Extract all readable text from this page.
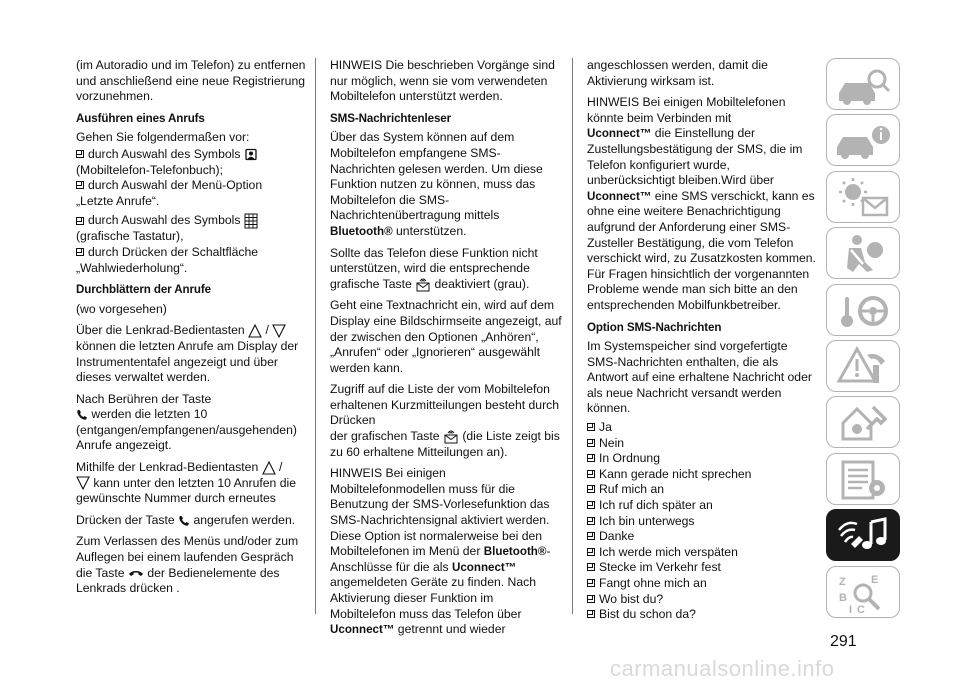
(im Autoradio und im Telefon) zu entfernen und anschließend eine neue Registrierung vorzunehmen.

Ausführen eines Anrufs

Gehen Sie folgendermaßen vor:

durch Auswahl des Symbols
(Mobiltelefon-Telefonbuch);
durch Auswahl der Menü-Option
„Letzte Anrufe“.
durch Auswahl des Symbols
(grafische Tastatur),
durch Drücken der Schaltfläche
„Wahlwiederholung“.

Durchblättern der Anrufe

(wo vorgesehen)

Über die Lenkrad-Bedientasten /  können die letzten Anrufe am Display der Instrumententafel angezeigt und über dieses verwaltet werden.

Nach Berühren der Taste
werden die letzten 10
(entgangen/empfangenen/ausgehenden) Anrufe angezeigt.

Mithilfe der Lenkrad-Bedientasten /
kann unter den letzten 10 Anrufen die gewünschte Nummer durch erneutes

Drücken der Taste angerufen werden.

Zum Verlassen des Menüs und/oder zum Auflegen bei einem laufenden Gespräch
die Taste der Bedienelemente des Lenkrads drücken .

HINWEIS Die beschrieben Vorgänge sind nur möglich, wenn sie vom verwendeten Mobiltelefon unterstützt werden.

SMS-Nachrichtenleser

Über das System können auf dem Mobiltelefon empfangene SMS-Nachrichten gelesen werden. Um diese Funktion nutzen zu können, muss das Mobiltelefon die SMS-Nachrichtenübertragung mittels
Bluetooth® unterstützen.

Sollte das Telefon diese Funktion nicht unterstützen, wird die entsprechende
grafische Taste deaktiviert (grau).

Geht eine Textnachricht ein, wird auf dem Display eine Bildschirmseite angezeigt, auf der zwischen den Optionen „Anhören“, „Anrufen“ oder „Ignorieren“ ausgewählt werden kann.

Zugriff auf die Liste der vom Mobiltelefon erhaltenen Kurzmitteilungen besteht durch Drücken
der grafischen Taste (die Liste zeigt bis zu 60 erhaltene Mitteilungen an).

HINWEIS Bei einigen Mobiltelefonmodellen muss für die Benutzung der SMS-Vorlesefunktion das SMS-Nachrichtensignal aktiviert werden. Diese Option ist normalerweise bei den Mobiltelefonen im Menü der Bluetooth®-Anschlüsse für die als Uconnect™ angemeldeten Geräte zu finden. Nach Aktivierung dieser Funktion im Mobiltelefon muss das Telefon über Uconnect™ getrennt und wieder

angeschlossen werden, damit die Aktivierung wirksam ist.

HINWEIS Bei einigen Mobiltelefonen könnte beim Verbinden mit
Uconnect™ die Einstellung der Zustellungsbestätigung der SMS, die im Telefon konfiguriert wurde, unberücksichtigt bleiben.Wird über Uconnect™ eine SMS verschickt, kann es ohne eine weitere Benachrichtigung aufgrund der Anforderung einer SMS-Zusteller Bestätigung, die vom Telefon verschickt wird, zu Zusatzkosten kommen. Für Fragen hinsichtlich der vorgenannten Probleme wende man sich bitte an den entsprechenden Mobilfunkbetreiber.

Option SMS-Nachrichten

Im Systemspeicher sind vorgefertigte SMS-Nachrichten enthalten, die als Antwort auf eine erhaltene Nachricht oder als neue Nachricht versandt werden können.

Ja
Nein
In Ordnung
Kann gerade nicht sprechen
Ruf mich an
Ich ruf dich später an
Ich bin unterwegs
Danke
Ich werde mich verspäten
Stecke im Verkehr fest
Fangt ohne mich an
Wo bist du?
Bist du schon da?
Z E
B
I C
291
carmanualsonline.info
